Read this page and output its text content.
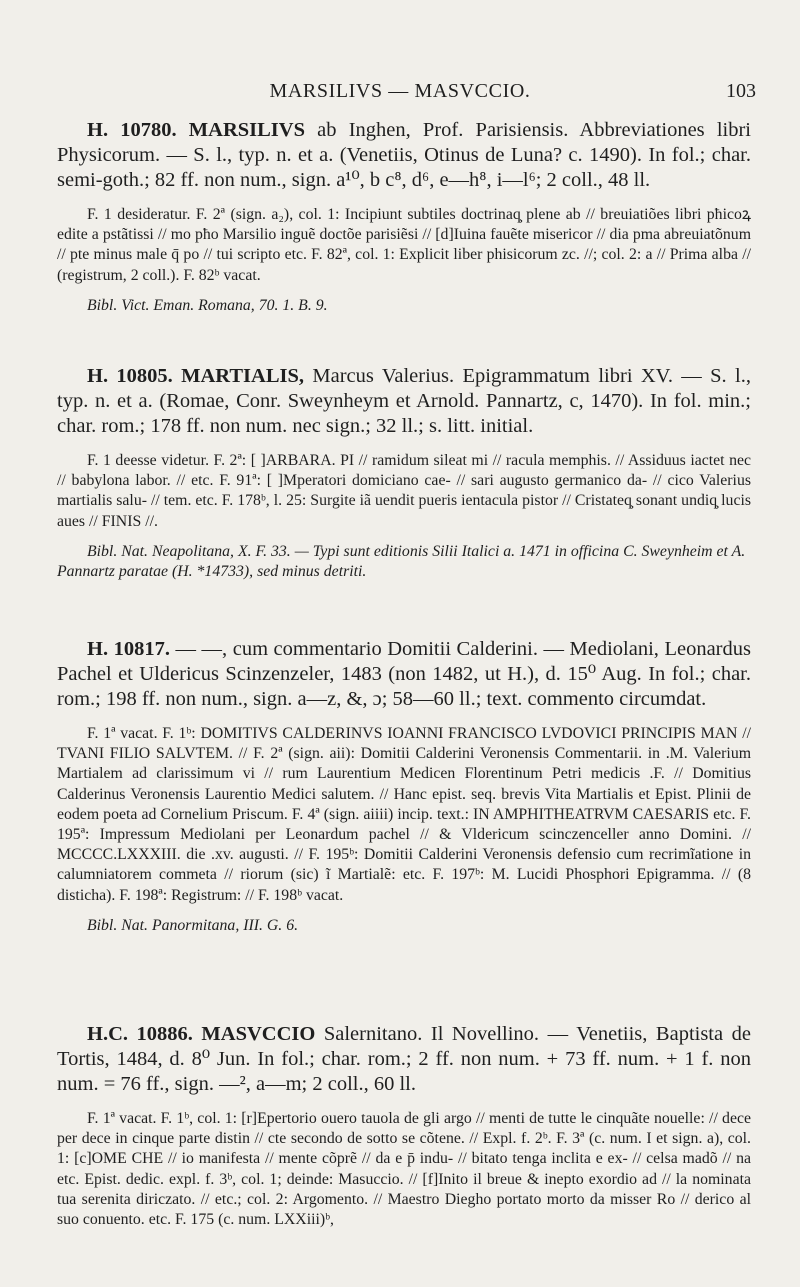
MARSILIVS — MASVCCIO.	103

H. 10780. MARSILIVS ab Inghen, Prof. Parisiensis. Abbreviationes libri Physicorum. — S. l., typ. n. et a. (Venetiis, Otinus de Luna? c. 1490). In fol.; char. semi-goth.; 82 ff. non num., sign. a¹⁰, b c⁸, d⁶, e—h⁸, i—l⁶; 2 coll., 48 ll.

F. 1 desideratur. F. 2ª (sign. a₂), col. 1: Incipiunt subtiles doctrinaq̧ plene ab // breuiatiões libri pħicoꝝ edite a pstãtissi // mo pħo Marsilio inguẽ doctõe parisiẽsi // [d]Iuina fauẽte misericor // dia pma abreuiatõnum // pte minus male q̄ po // tui scripto etc. F. 82ª, col. 1: Explicit liber phisicorum zc. //; col. 2: a // Prima alba // (registrum, 2 coll.). F. 82ᵇ vacat.

Bibl. Vict. Eman. Romana, 70. 1. B. 9.

H. 10805. MARTIALIS, Marcus Valerius. Epigrammatum libri XV. — S. l., typ. n. et a. (Romae, Conr. Sweynheym et Arnold. Pannartz, c, 1470). In fol. min.; char. rom.; 178 ff. non num. nec sign.; 32 ll.; s. litt. initial.

F. 1 deesse videtur. F. 2ª: [ ]ARBARA. PI // ramidum sileat mi // racula memphis. // Assiduus iactet nec // babylona labor. // etc. F. 91ª: [ ]Mperatori domiciano cae- // sari augusto germanico da- // cico Valerius martialis salu- // tem. etc. F. 178ᵇ, l. 25: Surgite iã uendit pueris ientacula pistor // Cristateq̧ sonant undiq̧ lucis aues // FINIS //.

Bibl. Nat. Neapolitana, X. F. 33. — Typi sunt editionis Silii Italici a. 1471 in officina C. Sweynheim et A. Pannartz paratae (H. *14733), sed minus detriti.

H. 10817. — —, cum commentario Domitii Calderini. — Mediolani, Leonardus Pachel et Uldericus Scinzenzeler, 1483 (non 1482, ut H.), d. 15⁰ Aug. In fol.; char. rom.; 198 ff. non num., sign. a—z, &, ɔ; 58—60 ll.; text. commento circumdat.

F. 1ª vacat. F. 1ᵇ: DOMITIVS CALDERINVS IOANNI FRANCISCO LVDOVICI PRINCIPIS MAN // TVANI FILIO SALVTEM. // F. 2ª (sign. aii): Domitii Calderini Veronensis Commentarii. in .M. Valerium Martialem ad clarissimum vi // rum Laurentium Medicen Florentinum Petri medicis .F. // Domitius Calderinus Veronensis Laurentio Medici salutem. // Hanc epist. seq. brevis Vita Martialis et Epist. Plinii de eodem poeta ad Cornelium Priscum. F. 4ª (sign. aiiii) incip. text.: IN AMPHITHEATRVM CAESARIS etc. F. 195ª: Impressum Mediolani per Leonardum pachel // & Vldericum scinczenceller anno Domini. // MCCCC.LXXXIII. die .xv. augusti. // F. 195ᵇ: Domitii Calderini Veronensis defensio cum recrimĩatione in calumniatorem commeta // riorum (sic) ĩ Martialẽ: etc. F. 197ᵇ: M. Lucidi Phosphori Epigramma. // (8 disticha). F. 198ª: Registrum: // F. 198ᵇ vacat.

Bibl. Nat. Panormitana, III. G. 6.

H.C. 10886. MASVCCIO Salernitano. Il Novellino. — Venetiis, Baptista de Tortis, 1484, d. 8⁰ Jun. In fol.; char. rom.; 2 ff. non num. + 73 ff. num. + 1 f. non num. = 76 ff., sign. —², a—m; 2 coll., 60 ll.

F. 1ª vacat. F. 1ᵇ, col. 1: [r]Epertorio ouero tauola de gli argo // menti de tutte le cinquãte nouelle: // dece per dece in cinque parte distin // cte secondo de sotto se cõtene. // Expl. f. 2ᵇ. F. 3ª (c. num. I et sign. a), col. 1: [c]OME CHE // io manifesta // mente cõprẽ // da e p̄ indu- // bitato tenga inclita e ex- // celsa madõ // na etc. Epist. dedic. expl. f. 3ᵇ, col. 1; deinde: Masuccio. // [f]Inito il breue & inepto exordio ad // la nominata tua serenita diriczato. // etc.; col. 2: Argomento. // Maestro Diegho portato morto da misser Ro // derico al suo conuento. etc. F. 175 (c. num. LXXiii)ᵇ,
